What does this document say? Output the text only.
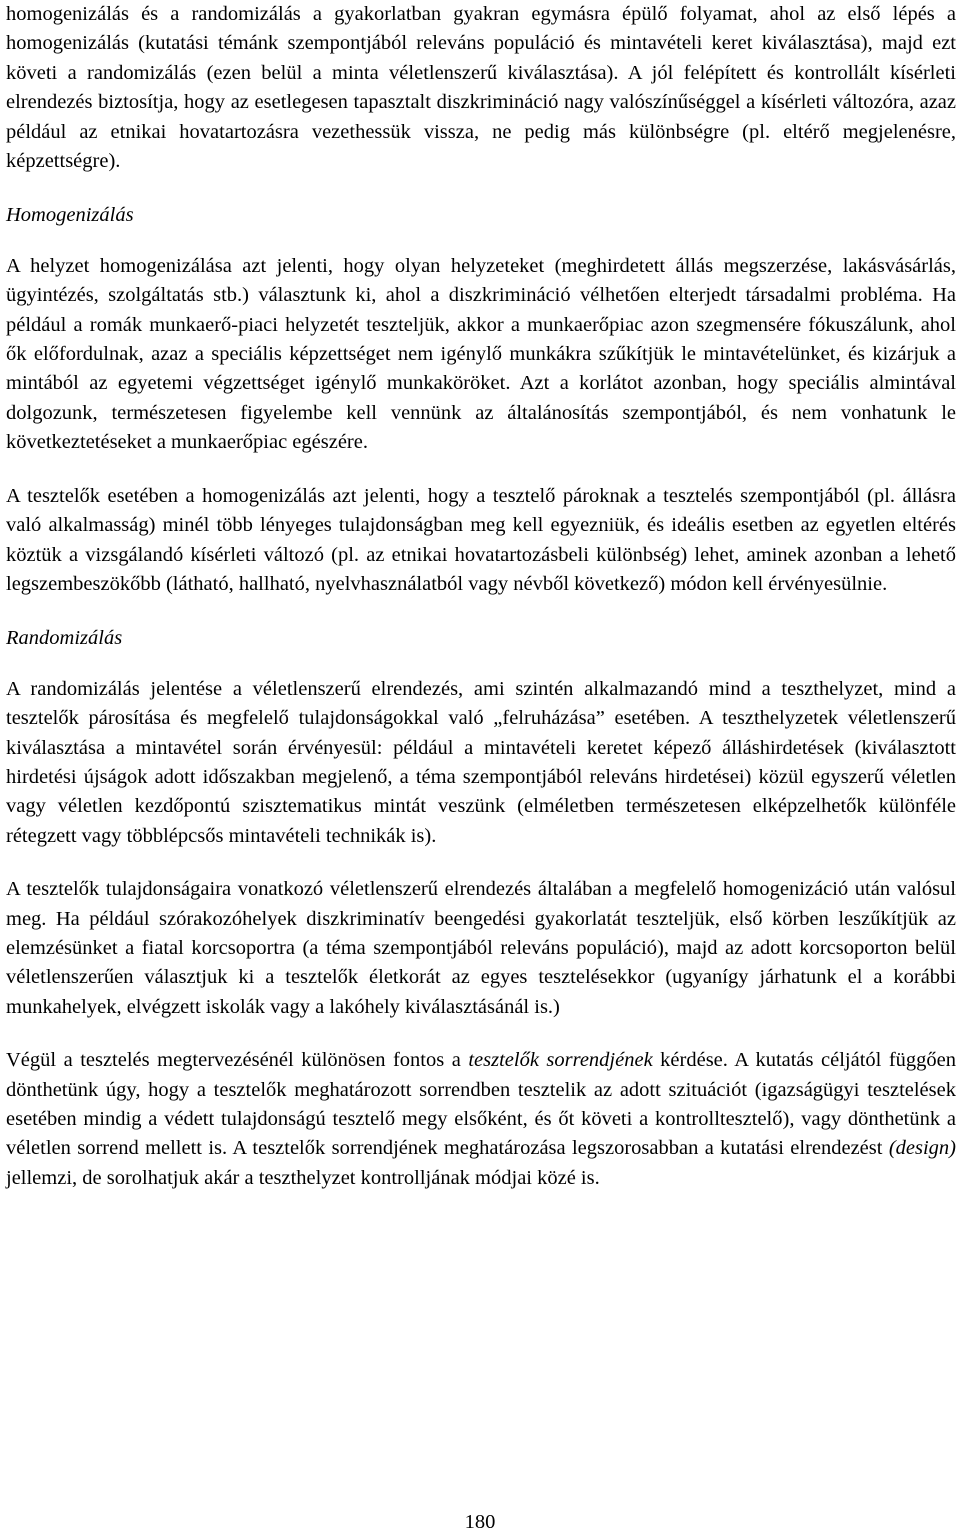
homogenizálás és a randomizálás a gyakorlatban gyakran egymásra épülő folyamat, ahol az első lépés a homogenizálás (kutatási témánk szempontjából releváns populáció és mintavételi keret kiválasztása), majd ezt követi a randomizálás (ezen belül a minta véletlenszerű kiválasztása). A jól felépített és kontrollált kísérleti elrendezés biztosítja, hogy az esetlegesen tapasztalt diszkrimináció nagy valószínűséggel a kísérleti változóra, azaz például az etnikai hovatartozásra vezethessük vissza, ne pedig más különbségre (pl. eltérő megjelenésre, képzettségre).

Homogenizálás

A helyzet homogenizálása azt jelenti, hogy olyan helyzeteket (meghirdetett állás megszerzése, lakásvásárlás, ügyintézés, szolgáltatás stb.) választunk ki, ahol a diszkrimináció vélhetően elterjedt társadalmi probléma. Ha például a romák munkaerő-piaci helyzetét teszteljük, akkor a munkaerőpiac azon szegmensére fókuszálunk, ahol ők előfordulnak, azaz a speciális képzettséget nem igénylő munkákra szűkítjük le mintavételünket, és kizárjuk a mintából az egyetemi végzettséget igénylő munkaköröket. Azt a korlátot azonban, hogy speciális almintával dolgozunk, természetesen figyelembe kell vennünk az általánosítás szempontjából, és nem vonhatunk le következtetéseket a munkaerőpiac egészére.

A tesztelők esetében a homogenizálás azt jelenti, hogy a tesztelő pároknak a tesztelés szempontjából (pl. állásra való alkalmasság) minél több lényeges tulajdonságban meg kell egyezniük, és ideális esetben az egyetlen eltérés köztük a vizsgálandó kísérleti változó (pl. az etnikai hovatartozásbeli különbség) lehet, aminek azonban a lehető legszembeszökőbb (látható, hallható, nyelvhasználatból vagy névből következő) módon kell érvényesülnie.

Randomizálás

A randomizálás jelentése a véletlenszerű elrendezés, ami szintén alkalmazandó mind a teszthelyzet, mind a tesztelők párosítása és megfelelő tulajdonságokkal való „felruházása” esetében. A teszthelyzetek véletlenszerű kiválasztása a mintavétel során érvényesül: például a mintavételi keretet képező álláshirdetések (kiválasztott hirdetési újságok adott időszakban megjelenő, a téma szempontjából releváns hirdetései) közül egyszerű véletlen vagy véletlen kezdőpontú szisztematikus mintát veszünk (elméletben természetesen elképzelhetők különféle rétegzett vagy többlépcsős mintavételi technikák is).

A tesztelők tulajdonságaira vonatkozó véletlenszerű elrendezés általában a megfelelő homogenizáció után valósul meg. Ha például szórakozóhelyek diszkriminatív beengedési gyakorlatát teszteljük, első körben leszűkítjük az elemzésünket a fiatal korcsoportra (a téma szempontjából releváns populáció), majd az adott korcsoporton belül véletlenszerűen választjuk ki a tesztelők életkorát az egyes tesztelésekkor (ugyanígy járhatunk el a korábbi munkahelyek, elvégzett iskolák vagy a lakóhely kiválasztásánál is.)

Végül a tesztelés megtervezésénél különösen fontos a tesztelők sorrendjének kérdése. A kutatás céljától függően dönthetünk úgy, hogy a tesztelők meghatározott sorrendben tesztelik az adott szituációt (igazságügyi tesztelések esetében mindig a védett tulajdonságú tesztelő megy elsőként, és őt követi a kontrolltesztelő), vagy dönthetünk a véletlen sorrend mellett is. A tesztelők sorrendjének meghatározása legszorosabban a kutatási elrendezést (design) jellemzi, de sorolhatjuk akár a teszthelyzet kontrolljának módjai közé is.

180
